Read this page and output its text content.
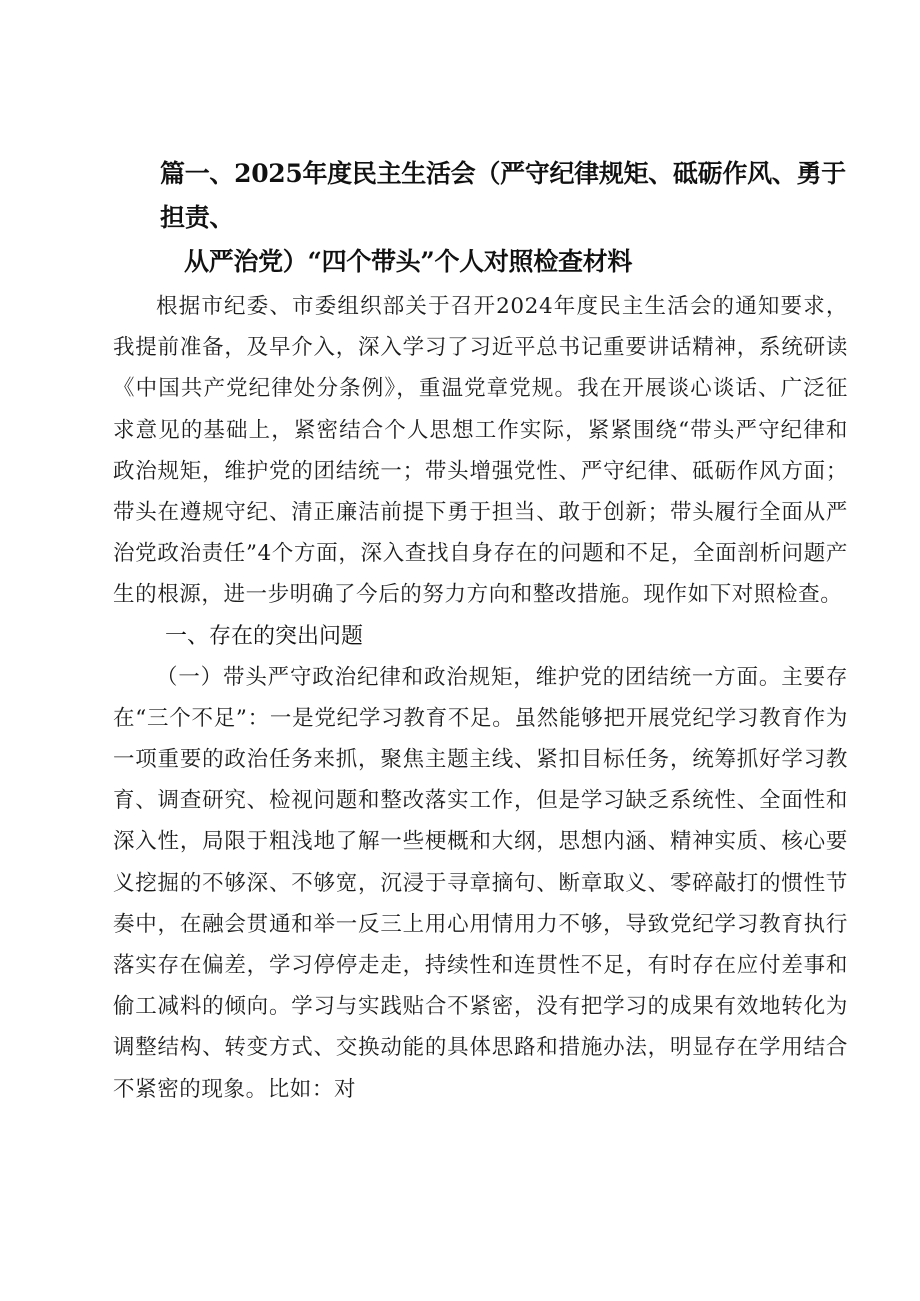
篇一、2025年度民主生活会（严守纪律规矩、砥砺作风、勇于担责、
从严治党）“四个带头”个人对照检查材料

根据市纪委、市委组织部关于召开2024年度民主生活会的通知要求，我提前准备，及早介入，深入学习了习近平总书记重要讲话精神，系统研读《中国共产党纪律处分条例》，重温党章党规。我在开展谈心谈话、广泛征求意见的基础上，紧密结合个人思想工作实际，紧紧围绕“带头严守纪律和政治规矩，维护党的团结统一；带头增强党性、严守纪律、砥砺作风方面；带头在遵规守纪、清正廉洁前提下勇于担当、敢于创新；带头履行全面从严治党政治责任”4个方面，深入查找自身存在的问题和不足，全面剖析问题产生的根源，进一步明确了今后的努力方向和整改措施。现作如下对照检查。

一、存在的突出问题

（一）带头严守政治纪律和政治规矩，维护党的团结统一方面。主要存在“三个不足”：一是党纪学习教育不足。虽然能够把开展党纪学习教育作为一项重要的政治任务来抓，聚焦主题主线、紧扣目标任务，统筹抓好学习教育、调查研究、检视问题和整改落实工作，但是学习缺乏系统性、全面性和深入性，局限于粗浅地了解一些梗概和大纲，思想内涵、精神实质、核心要义挖掘的不够深、不够宽，沉浸于寻章摘句、断章取义、零碎敲打的惯性节奏中，在融会贯通和举一反三上用心用情用力不够，导致党纪学习教育执行落实存在偏差，学习停停走走，持续性和连贯性不足，有时存在应付差事和偷工减料的倾向。学习与实践贴合不紧密，没有把学习的成果有效地转化为调整结构、转变方式、交换动能的具体思路和措施办法，明显存在学用结合不紧密的现象。比如：对
